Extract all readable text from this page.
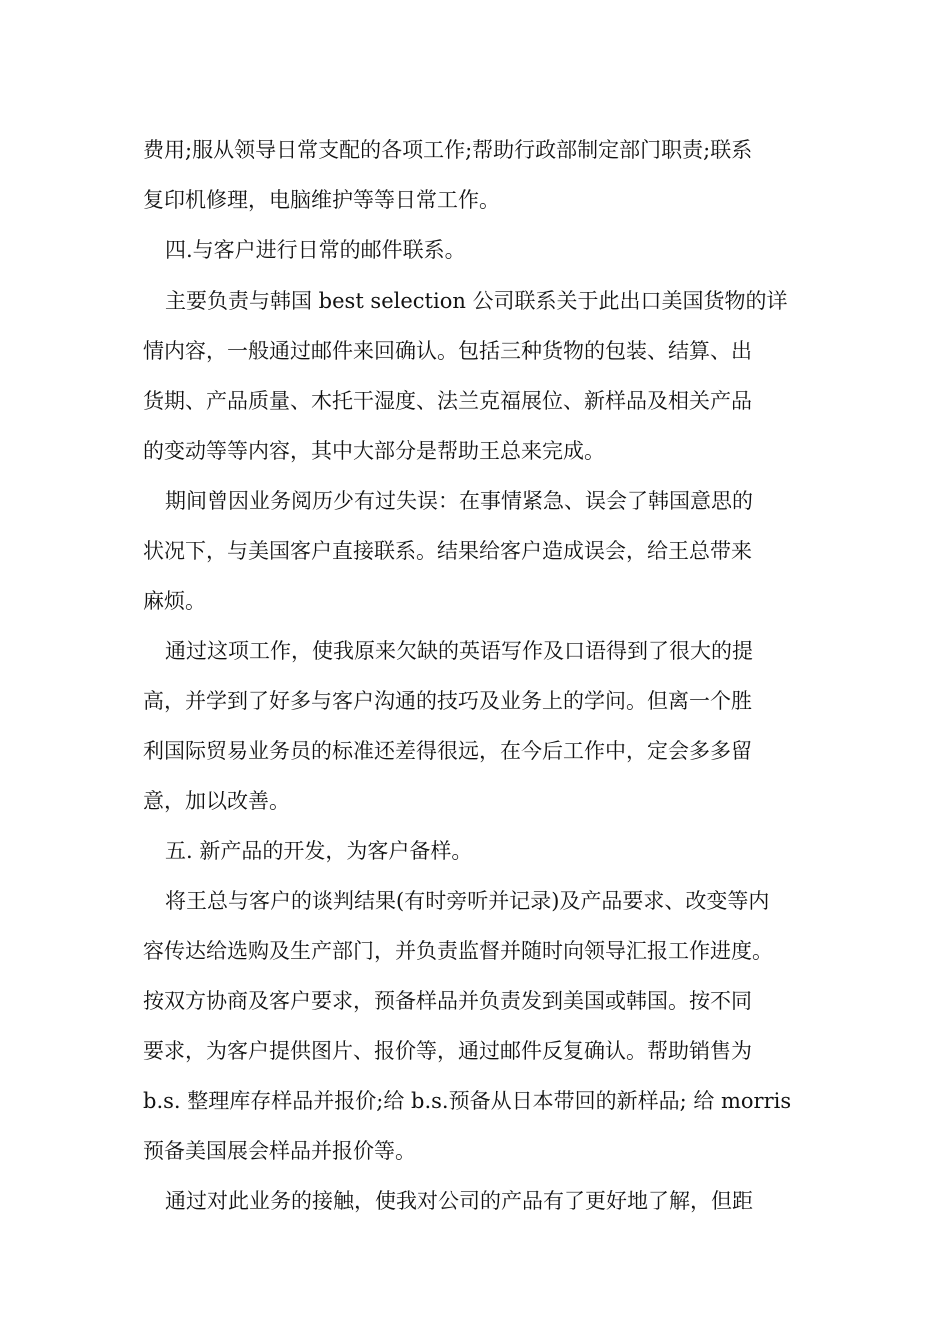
费用;服从领导日常支配的各项工作;帮助行政部制定部门职责;联系
复印机修理，电脑维护等等日常工作。
四.与客户进行日常的邮件联系。
主要负责与韩国 best selection 公司联系关于此出口美国货物的详
情内容，一般通过邮件来回确认。包括三种货物的包装、结算、出
货期、产品质量、木托干湿度、法兰克福展位、新样品及相关产品
的变动等等内容，其中大部分是帮助王总来完成。
期间曾因业务阅历少有过失误：在事情紧急、误会了韩国意思的
状况下，与美国客户直接联系。结果给客户造成误会，给王总带来
麻烦。
通过这项工作，使我原来欠缺的英语写作及口语得到了很大的提
高，并学到了好多与客户沟通的技巧及业务上的学问。但离一个胜
利国际贸易业务员的标准还差得很远，在今后工作中，定会多多留
意，加以改善。
五. 新产品的开发，为客户备样。
将王总与客户的谈判结果(有时旁听并记录)及产品要求、改变等内
容传达给选购及生产部门，并负责监督并随时向领导汇报工作进度。
按双方协商及客户要求，预备样品并负责发到美国或韩国。按不同
要求，为客户提供图片、报价等，通过邮件反复确认。帮助销售为
b.s. 整理库存样品并报价;给 b.s.预备从日本带回的新样品; 给 morris
预备美国展会样品并报价等。
通过对此业务的接触，使我对公司的产品有了更好地了解，但距
